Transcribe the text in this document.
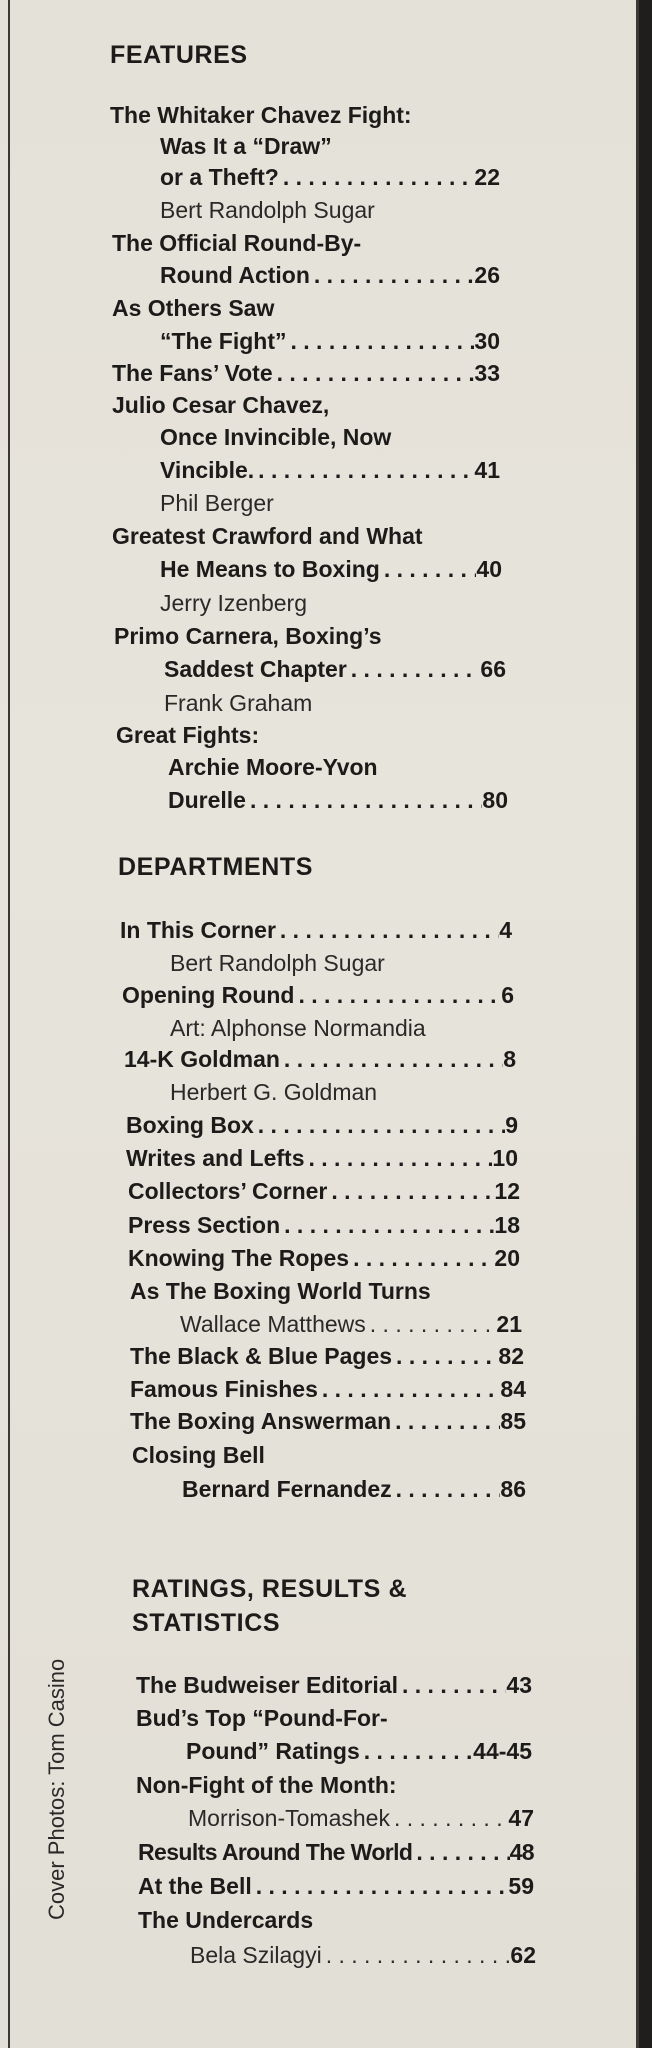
FEATURES
The Whitaker Chavez Fight:
Was It a “Draw”
or a Theft? . . .	22
Bert Randolph Sugar
The Official Round-By-
Round Action . . .	26
As Others Saw
“The Fight” . . .	30
The Fans’ Vote . . .	33
Julio Cesar Chavez,
Once Invincible, Now
Vincible. . . .	41
Phil Berger
Greatest Crawford and What
He Means to Boxing . . .	40
Jerry Izenberg
Primo Carnera, Boxing’s
Saddest Chapter . . .	66
Frank Graham
Great Fights:
Archie Moore-Yvon
Durelle . . .	80
DEPARTMENTS
In This Corner . . .	4
Bert Randolph Sugar
Opening Round . . .	6
Art: Alphonse Normandia
14-K Goldman . . .	8
Herbert G. Goldman
Boxing Box . . .	9
Writes and Lefts . . .	10
Collectors’ Corner . . .	12
Press Section . . .	18
Knowing The Ropes . . .	20
As The Boxing World Turns
Wallace Matthews . . .	21
The Black & Blue Pages . . .	82
Famous Finishes . . .	84
The Boxing Answerman . . .	85
Closing Bell
Bernard Fernandez . . .	86
RATINGS, RESULTS &
STATISTICS
The Budweiser Editorial . . .	43
Bud’s Top “Pound-For-
Pound” Ratings . . .	44-45
Non-Fight of the Month:
Morrison-Tomashek . . .	47
Results Around The World . . .	48
At the Bell . . .	59
The Undercards
Bela Szilagyi . . .	62
Cover Photos: Tom Casino
